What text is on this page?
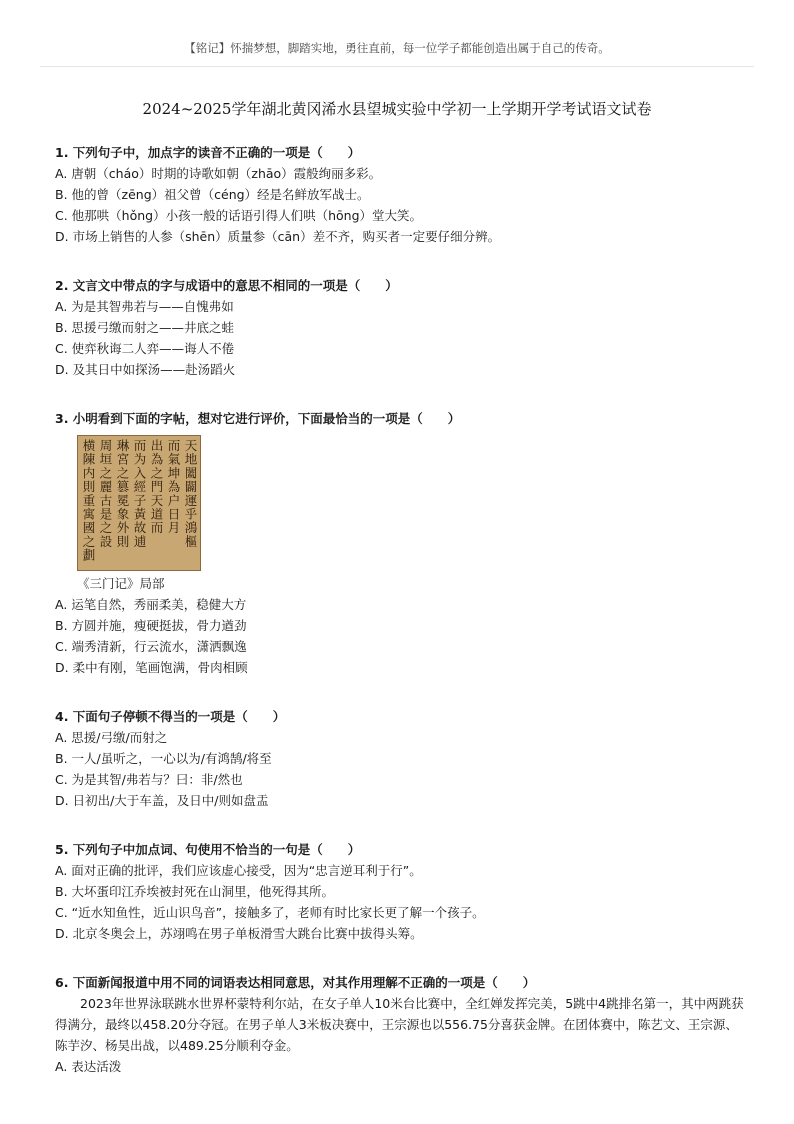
【铭记】怀揣梦想，脚踏实地，勇往直前，每一位学子都能创造出属于自己的传奇。
2024~2025学年湖北黄冈浠水县望城实验中学初一上学期开学考试语文试卷

1. 下列句子中，加点字的读音不正确的一项是（　　）

A. 唐朝（cháo）时期的诗歌如朝（zhāo）霞般绚丽多彩。

B. 他的曾（zēng）祖父曾（céng）经是名鲜放军战士。

C. 他那哄（hǒng）小孩一般的话语引得人们哄（hōng）堂大笑。

D. 市场上销售的人参（shēn）质量参（cān）差不齐，购买者一定要仔细分辨。

2. 文言文中带点的字与成语中的意思不相同的一项是（　　）

A. 为是其智弗若与——自愧弗如

B. 思援弓缴而射之——井底之蛙

C. 使弈秋诲二人弈——诲人不倦

D. 及其日中如探汤——赴汤蹈火

3. 小明看到下面的字帖，想对它进行评价，下面最恰当的一项是（　　）

天地闔闢運乎鴻樞
而氣坤為户日月
出為之門天道而
而为入經子黃故逋
琳宮之篡冕象外則
周垣之麗古是之設
横陳内則重寓國之劃

《三门记》局部

A. 运笔自然，秀丽柔美，稳健大方

B. 方圆并施，瘦硬挺拔，骨力遒劲

C. 端秀清新，行云流水，潇洒飘逸

D. 柔中有刚，笔画饱满，骨肉相顾

4. 下面句子停顿不得当的一项是（　　）

A. 思援/弓缴/而射之

B. 一人/虽听之，一心以为/有鸿鹄/将至

C. 为是其智/弗若与？曰：非/然也

D. 日初出/大于车盖，及日中/则如盘盂

5. 下列句子中加点词、句使用不恰当的一句是（　　）

A. 面对正确的批评，我们应该虚心接受，因为“忠言逆耳利于行”。

B. 大坏蛋印江乔埃被封死在山洞里，他死得其所。

C. “近水知鱼性，近山识鸟音”，接触多了，老师有时比家长更了解一个孩子。

D. 北京冬奥会上，苏翊鸣在男子单板滑雪大跳台比赛中拔得头筹。

6. 下面新闻报道中用不同的词语表达相同意思，对其作用理解不正确的一项是（　　）

2023年世界泳联跳水世界杯蒙特利尔站，在女子单人10米台比赛中，全红婵发挥完美，5跳中4跳排名第一，其中两跳获得满分，最终以458.20分夺冠。在男子单人3米板决赛中，王宗源也以556.75分喜获金牌。在团体赛中，陈艺文、王宗源、陈芋汐、杨昊出战，以489.25分顺利夺金。

A. 表达活泼
